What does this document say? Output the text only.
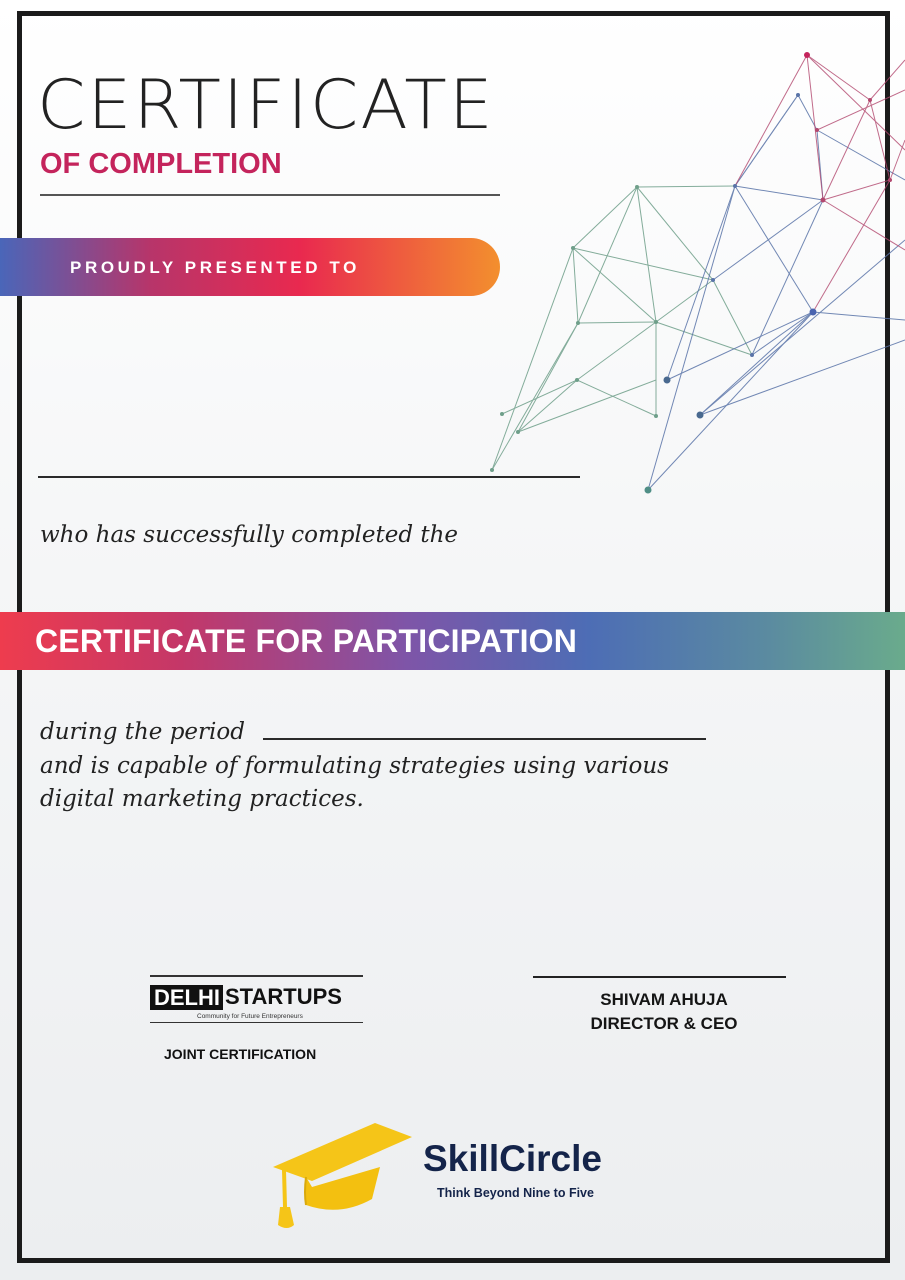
CERTIFICATE
OF COMPLETION
PROUDLY PRESENTED TO
who has successfully completed the
CERTIFICATE FOR PARTICIPATION
during the period
and is capable of formulating strategies using various
digital marketing practices.
DELHI STARTUPS
Community for Future Entrepreneurs
JOINT CERTIFICATION
SHIVAM AHUJA
DIRECTOR & CEO
SkillCircle
Think Beyond Nine to Five
